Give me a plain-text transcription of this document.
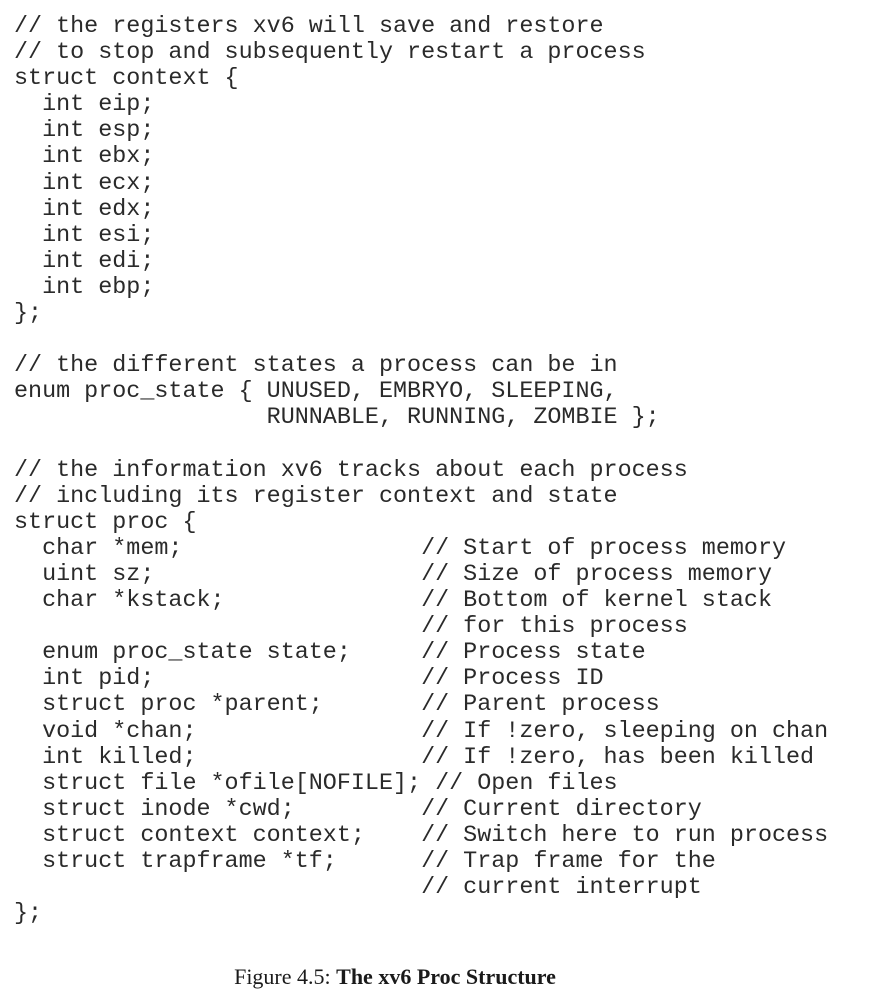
// the registers xv6 will save and restore
// to stop and subsequently restart a process
struct context {
int eip;
int esp;
int ebx;
int ecx;
int edx;
int esi;
int edi;
int ebp;
};

// the different states a process can be in
enum proc_state { UNUSED, EMBRYO, SLEEPING,
RUNNABLE, RUNNING, ZOMBIE };

// the information xv6 tracks about each process
// including its register context and state
struct proc {
char *mem;                 // Start of process memory
uint sz;                   // Size of process memory
char *kstack;              // Bottom of kernel stack
// for this process
enum proc_state state;     // Process state
int pid;                   // Process ID
struct proc *parent;       // Parent process
void *chan;                // If !zero, sleeping on chan
int killed;                // If !zero, has been killed
struct file *ofile[NOFILE]; // Open files
struct inode *cwd;         // Current directory
struct context context;    // Switch here to run process
struct trapframe *tf;      // Trap frame for the
// current interrupt
};
Figure 4.5: The xv6 Proc Structure
